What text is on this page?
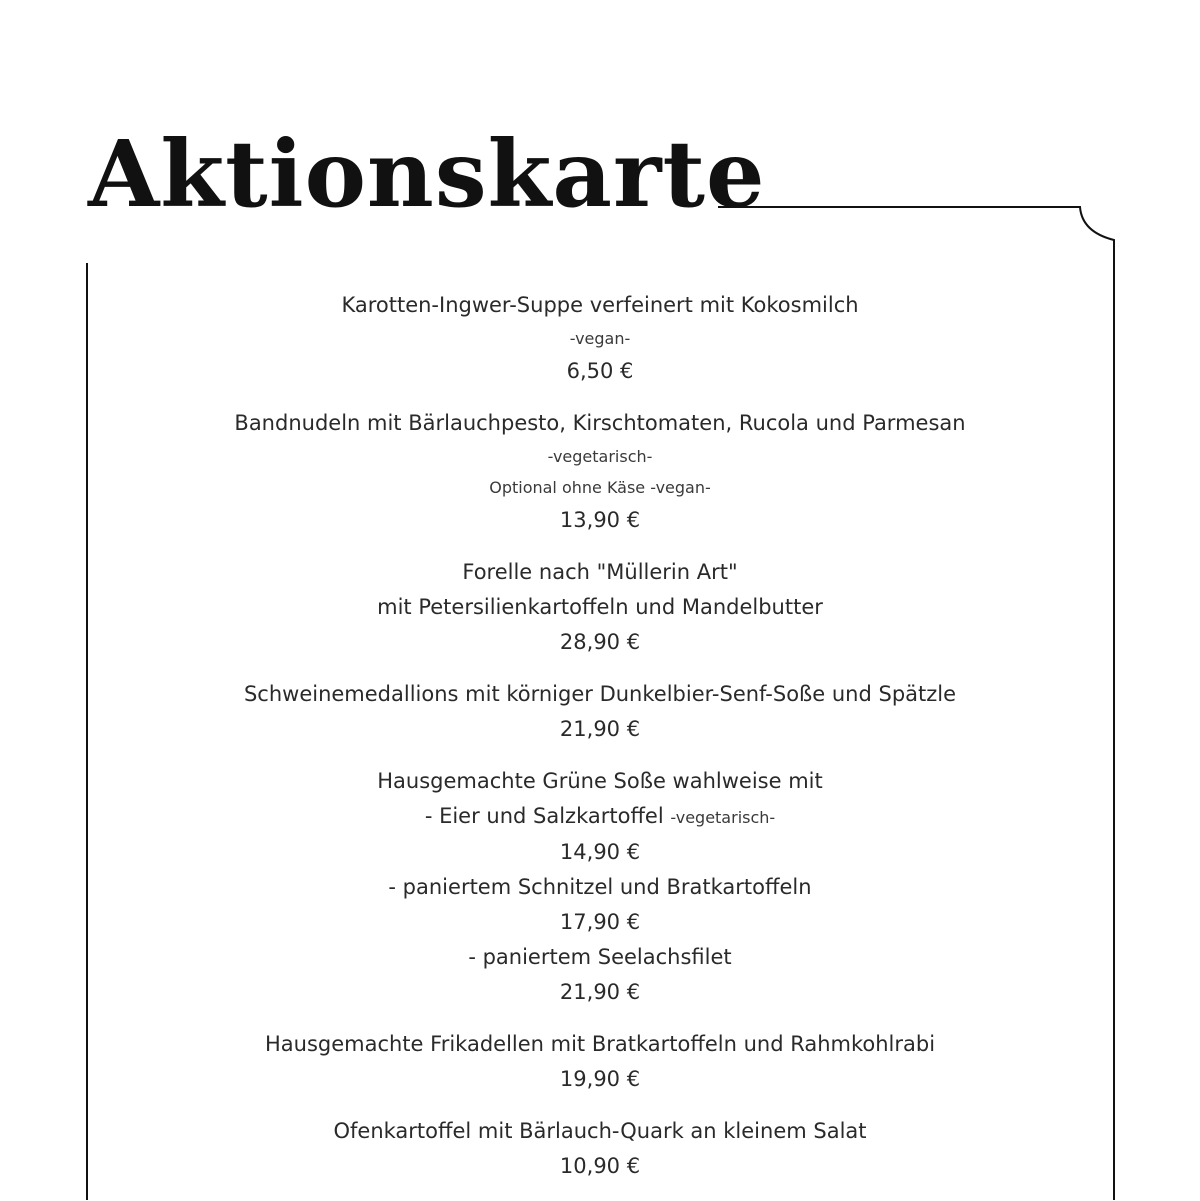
Aktionskarte
Karotten-Ingwer-Suppe verfeinert mit Kokosmilch
-vegan-
6,50 €
Bandnudeln mit Bärlauchpesto, Kirschtomaten, Rucola und Parmesan
-vegetarisch-
Optional ohne Käse -vegan-
13,90 €
Forelle nach "Müllerin Art"
mit Petersilienkartoffeln und Mandelbutter
28,90 €
Schweinemedallions mit körniger Dunkelbier-Senf-Soße und Spätzle
21,90 €
Hausgemachte Grüne Soße wahlweise mit
- Eier und Salzkartoffel -vegetarisch-
14,90 €
- paniertem Schnitzel und Bratkartoffeln
17,90 €
- paniertem Seelachsfilet
21,90 €
Hausgemachte Frikadellen mit Bratkartoffeln und Rahmkohlrabi
19,90 €
Ofenkartoffel mit Bärlauch-Quark an kleinem Salat
10,90 €
